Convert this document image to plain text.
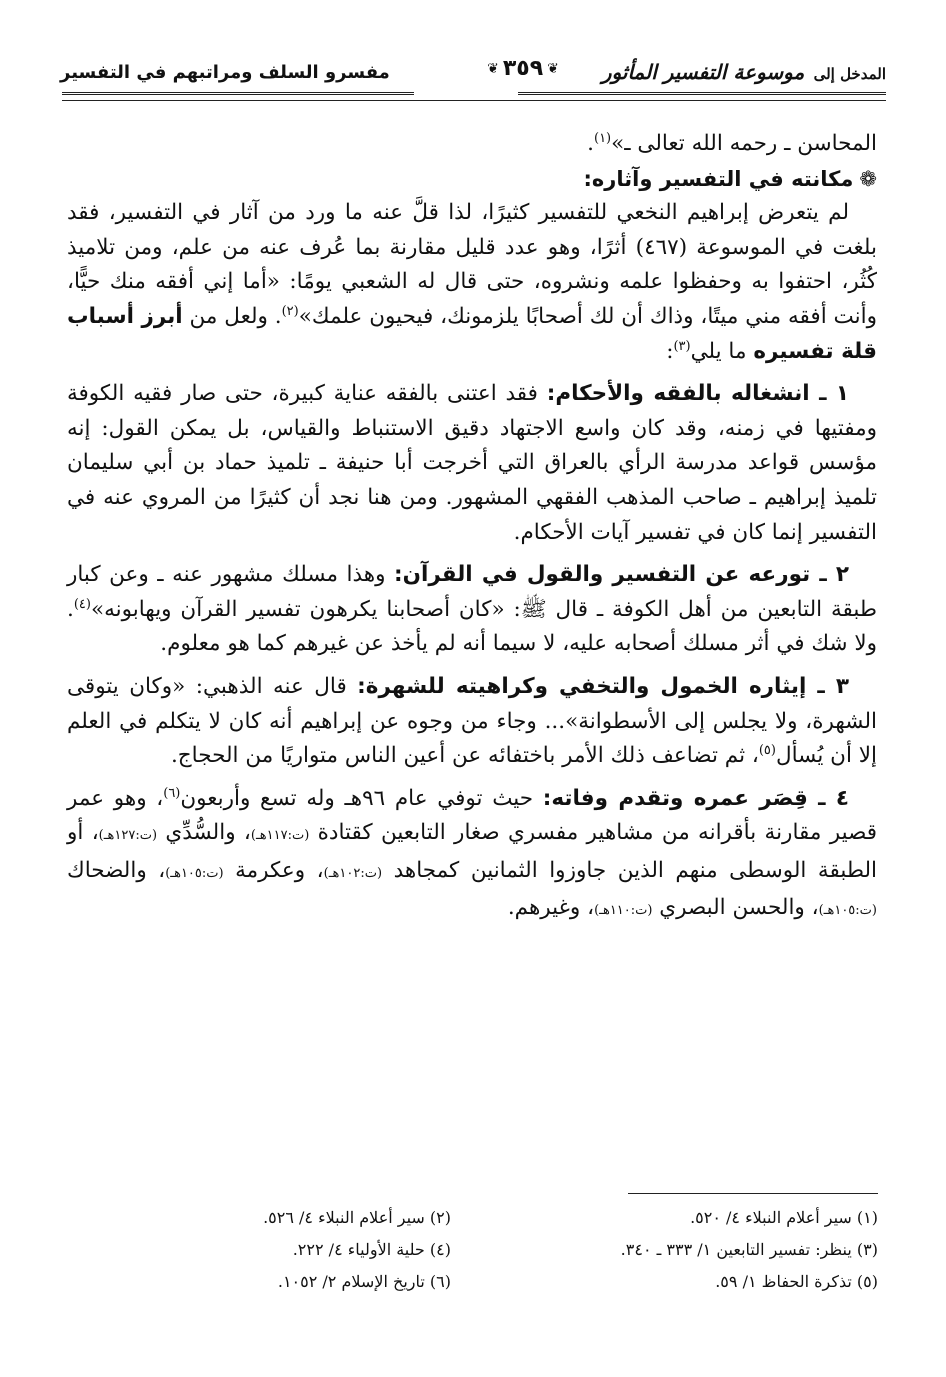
المدخل إلى موسوعة التفسير المأثور
❦ ٣٥٩ ❦
مفسرو السلف ومراتبهم في التفسير

المحاسن ـ رحمه الله تعالى ـ»$^{(١)}$.

❁مكانته في التفسير وآثاره:

لم يتعرض إبراهيم النخعي للتفسير كثيرًا، لذا قلَّ عنه ما ورد من آثار في التفسير، فقد بلغت في الموسوعة (٤٦٧) أثرًا، وهو عدد قليل مقارنة بما عُرف عنه من علم، ومن تلاميذ كُثُر، احتفوا به وحفظوا علمه ونشروه، حتى قال له الشعبي يومًا: «أما إني أفقه منك حيًّا، وأنت أفقه مني ميتًا، وذاك أن لك أصحابًا يلزمونك، فيحيون علمك»$^{(٢)}$. ولعل من أبرز أسباب قلة تفسيره ما يلي$^{(٣)}$:

١ ـ انشغاله بالفقه والأحكام: فقد اعتنى بالفقه عناية كبيرة، حتى صار فقيه الكوفة ومفتيها في زمنه، وقد كان واسع الاجتهاد دقيق الاستنباط والقياس، بل يمكن القول: إنه مؤسس قواعد مدرسة الرأي بالعراق التي أخرجت أبا حنيفة ـ تلميذ حماد بن أبي سليمان تلميذ إبراهيم ـ صاحب المذهب الفقهي المشهور. ومن هنا نجد أن كثيرًا من المروي عنه في التفسير إنما كان في تفسير آيات الأحكام.

٢ ـ تورعه عن التفسير والقول في القرآن: وهذا مسلك مشهور عنه ـ وعن كبار طبقة التابعين من أهل الكوفة ـ قال ﷺ: «كان أصحابنا يكرهون تفسير القرآن ويهابونه»$^{(٤)}$. ولا شك في أثر مسلك أصحابه عليه، لا سيما أنه لم يأخذ عن غيرهم كما هو معلوم.

٣ ـ إيثاره الخمول والتخفي وكراهيته للشهرة: قال عنه الذهبي: «وكان يتوقى الشهرة، ولا يجلس إلى الأسطوانة»... وجاء من وجوه عن إبراهيم أنه كان لا يتكلم في العلم إلا أن يُسأل$^{(٥)}$، ثم تضاعف ذلك الأمر باختفائه عن أعين الناس متواريًا من الحجاج.

٤ ـ قِصَر عمره وتقدم وفاته: حيث توفي عام ٩٦هـ وله تسع وأربعون$^{(٦)}$، وهو عمر قصير مقارنة بأقرانه من مشاهير مفسري صغار التابعين كقتادة (ت:١١٧هـ)، والسُّدِّي (ت:١٢٧هـ)، أو الطبقة الوسطى منهم الذين جاوزوا الثمانين كمجاهد (ت:١٠٢هـ)، وعكرمة (ت:١٠٥هـ)، والضحاك (ت:١٠٥هـ)، والحسن البصري (ت:١١٠هـ)، وغيرهم.

(١) سير أعلام النبلاء ٤/ ٥٢٠.
(٢) سير أعلام النبلاء ٤/ ٥٢٦.
(٣) ينظر: تفسير التابعين ١/ ٣٣٣ ـ ٣٤٠.
(٤) حلية الأولياء ٤/ ٢٢٢.
(٥) تذكرة الحفاظ ١/ ٥٩.
(٦) تاريخ الإسلام ٢/ ١٠٥٢.
